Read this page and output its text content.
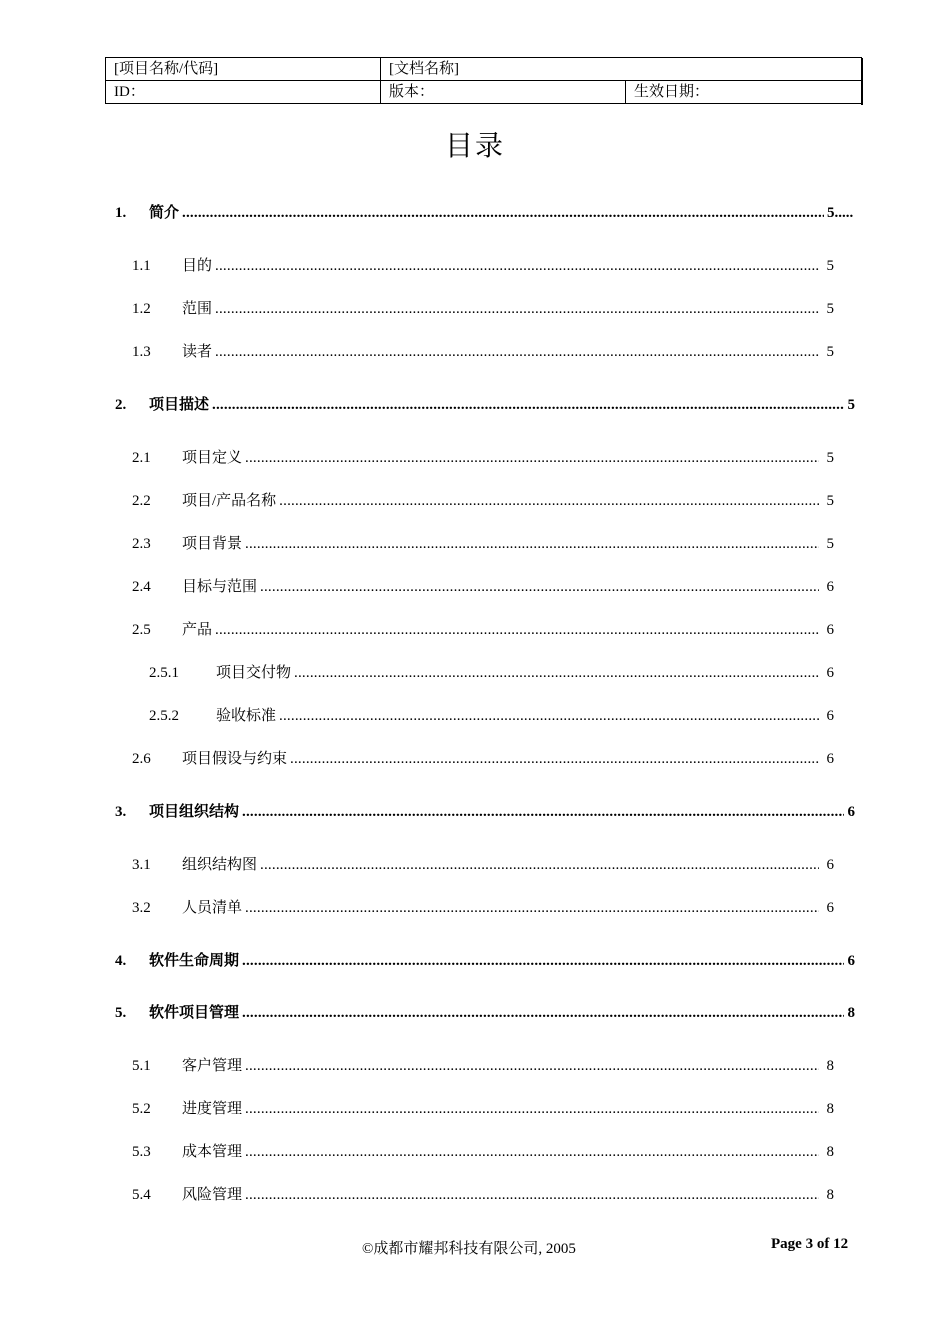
[项目名称/代码]	[文档名称]	
ID：	版本：	生效日期：
目录
1.	简介 .....	5.....
1.1	目的 .....	5
1.2	范围 .....	5
1.3	读者 .....	5
2.	项目描述 .....	5
2.1	项目定义 .....	5
2.2	项目/产品名称 .....	5
2.3	项目背景 .....	5
2.4	目标与范围 .....	6
2.5	产品 .....	6
2.5.1	项目交付物 .....	6
2.5.2	验收标准 .....	6
2.6	项目假设与约束 .....	6
3.	项目组织结构 .....	6
3.1	组织结构图 .....	6
3.2	人员清单 .....	6
4.	软件生命周期 .....	6
5.	软件项目管理 .....	8
5.1	客户管理 .....	8
5.2	进度管理 .....	8
5.3	成本管理 .....	8
5.4	风险管理 .....	8
©成都市耀邦科技有限公司, 2005	Page 3 of 12
